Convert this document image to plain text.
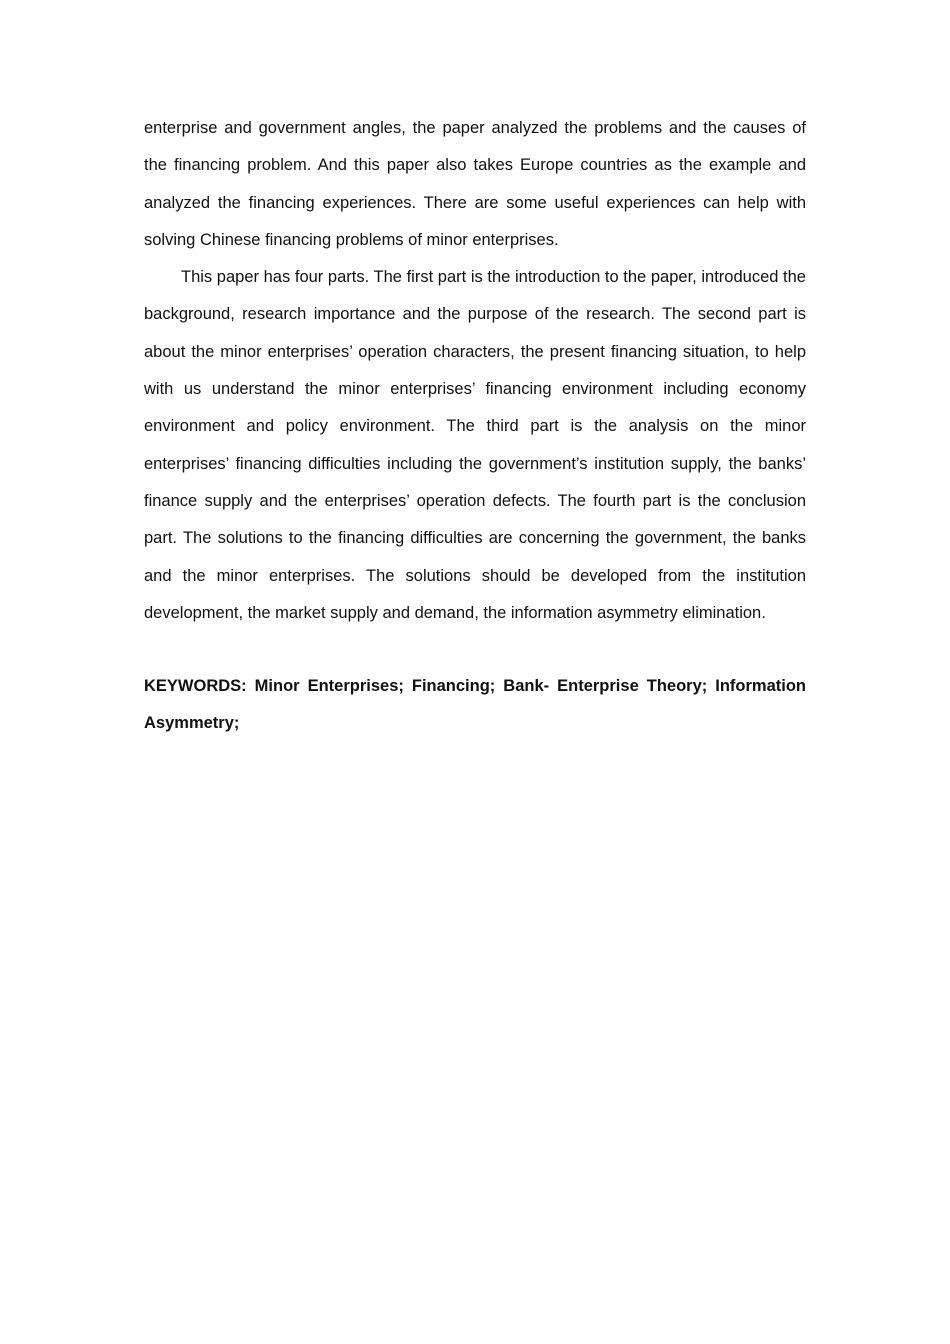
enterprise and government angles, the paper analyzed the problems and the causes of the financing problem. And this paper also takes Europe countries as the example and analyzed the financing experiences. There are some useful experiences can help with solving Chinese financing problems of minor enterprises.

This paper has four parts. The first part is the introduction to the paper, introduced the background, research importance and the purpose of the research. The second part is about the minor enterprises’ operation characters, the present financing situation, to help with us understand the minor enterprises’ financing environment including economy environment and policy environment. The third part is the analysis on the minor enterprises’ financing difficulties including the government’s institution supply, the banks’ finance supply and the enterprises’ operation defects. The fourth part is the conclusion part. The solutions to the financing difficulties are concerning the government, the banks and the minor enterprises. The solutions should be developed from the institution development, the market supply and demand, the information asymmetry elimination.

KEYWORDS: Minor Enterprises; Financing; Bank- Enterprise Theory; Information Asymmetry;
